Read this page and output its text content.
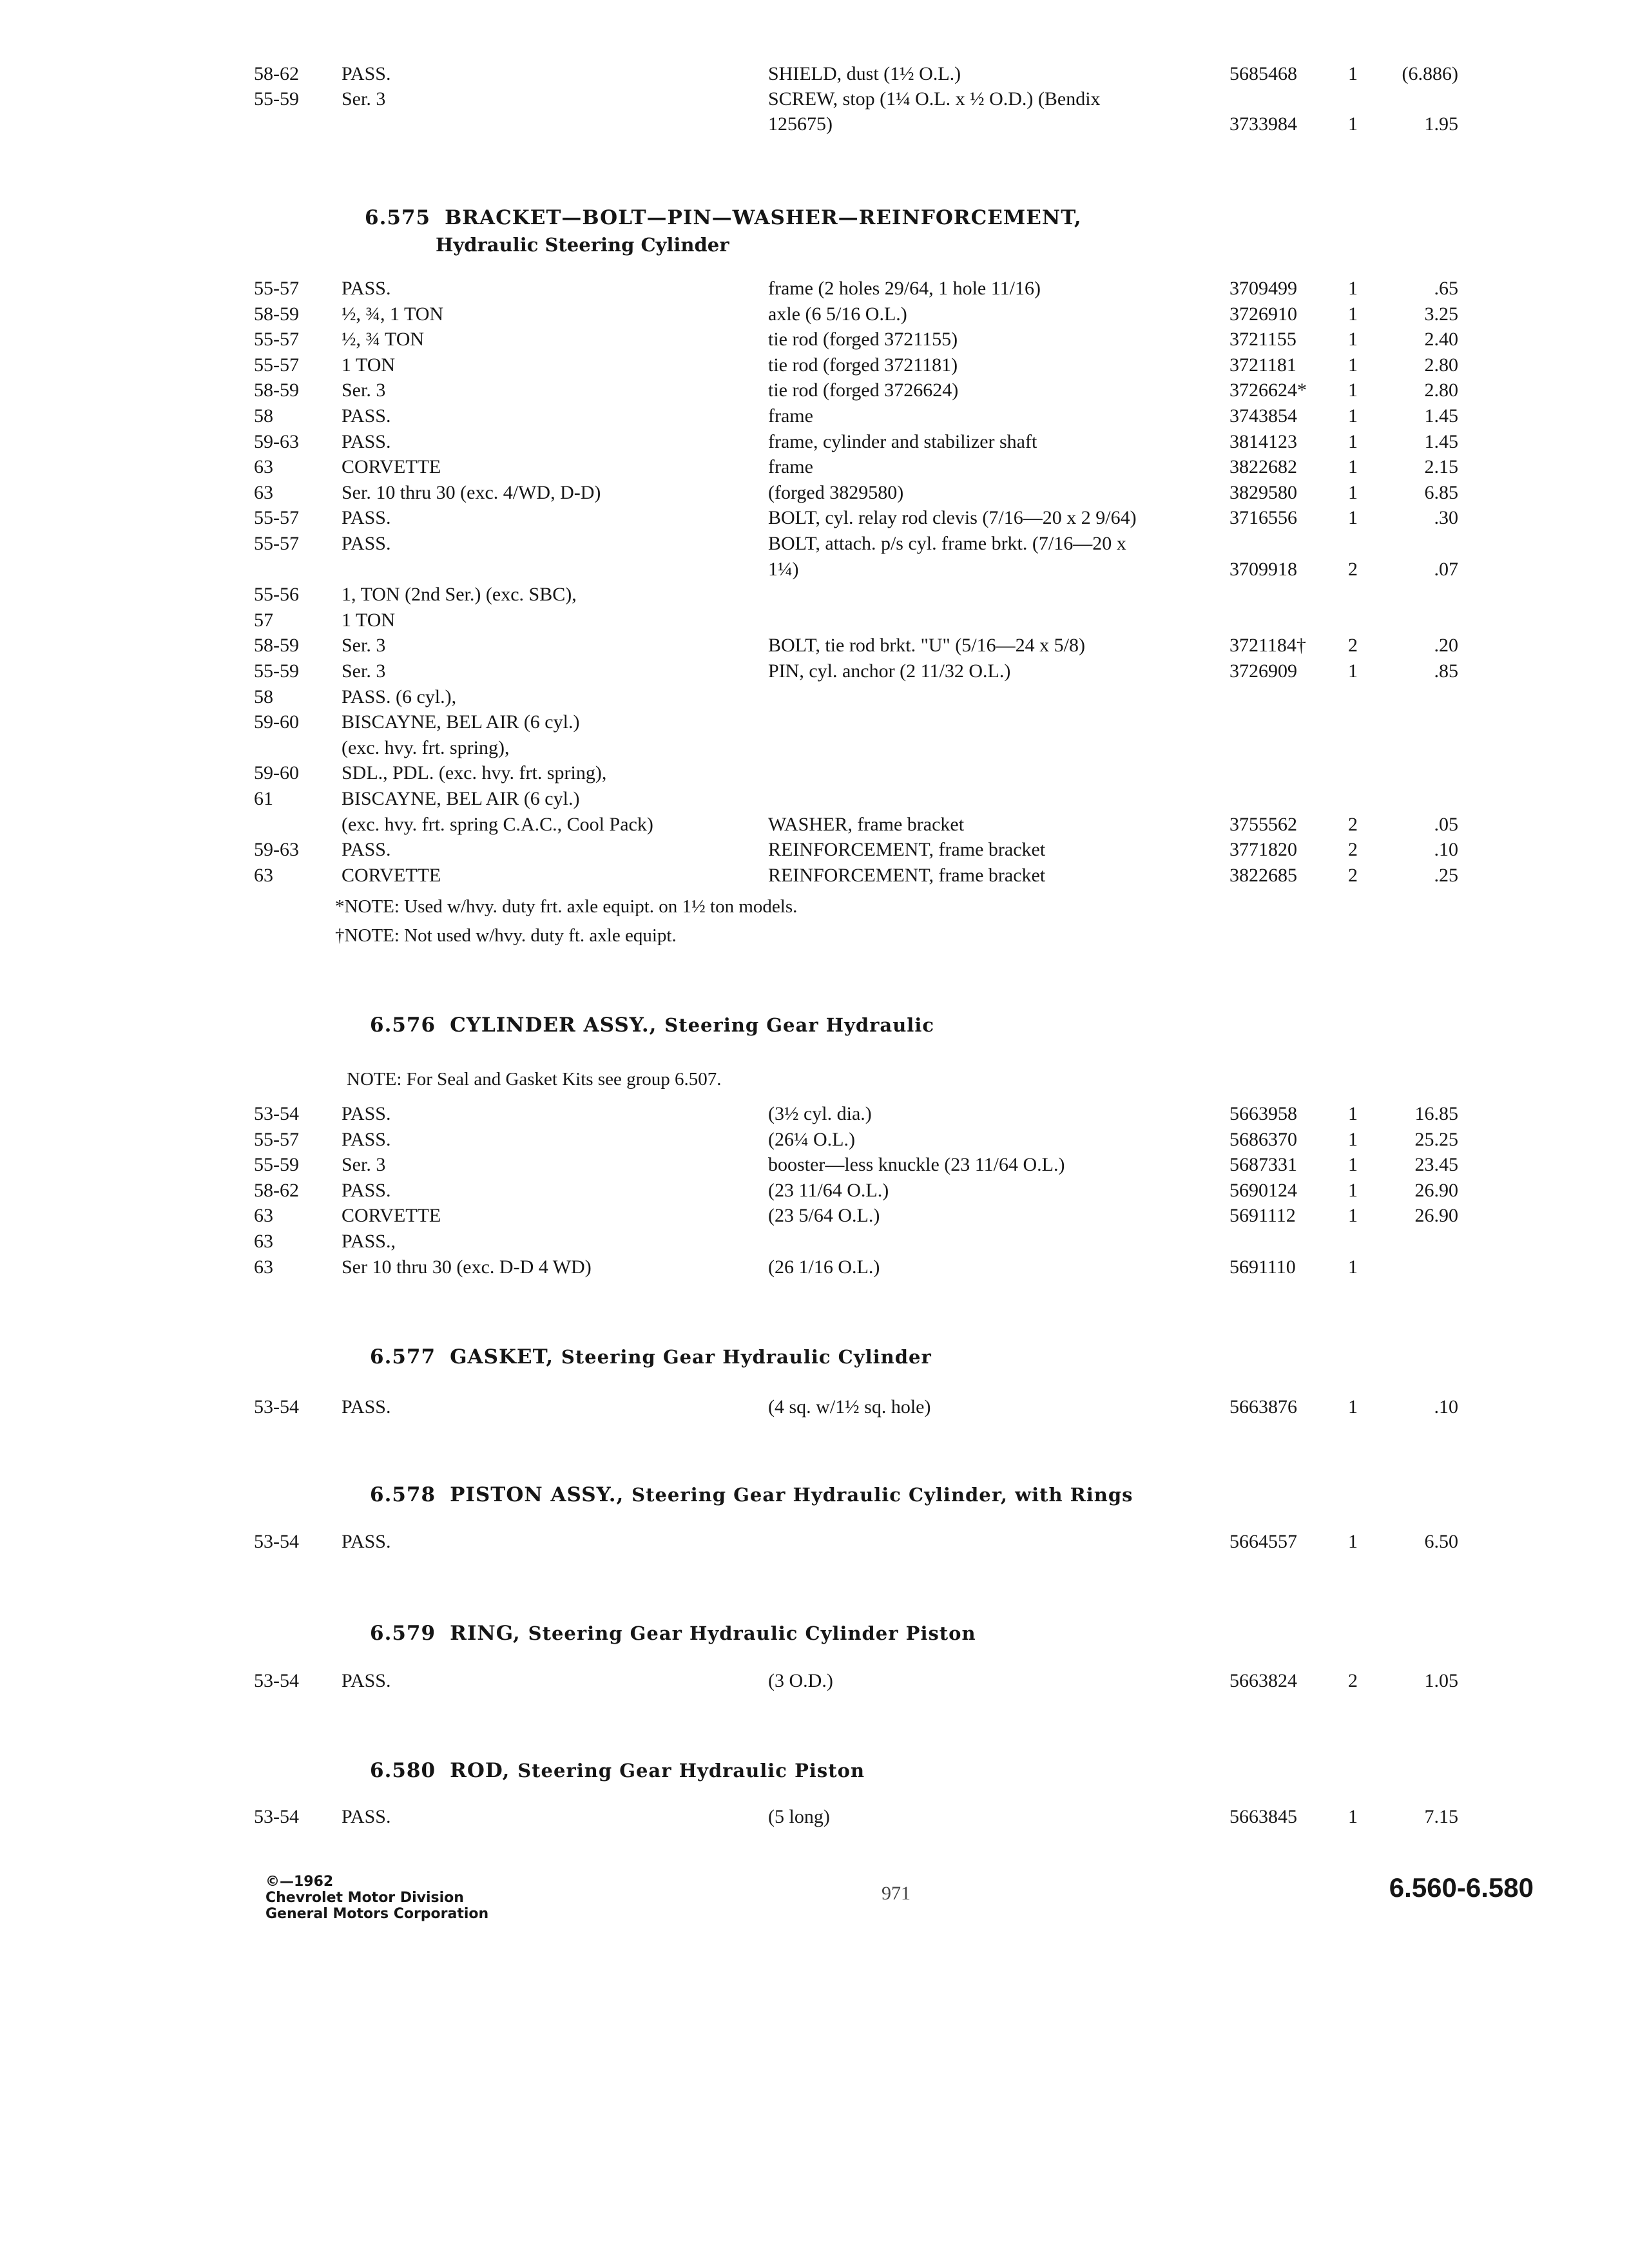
58-62 PASS.	SHIELD, dust (1½ O.L.)	5685468	1 (6.886)
55-59 Ser. 3	SCREW, stop (1¼ O.L. x ½ O.D.) (Bendix
125675)	3733984	1	1.95
6.575 BRACKET—BOLT—PIN—WASHER—REINFORCEMENT,
Hydraulic Steering Cylinder
55-57 PASS.	frame (2 holes 29/64, 1 hole 11/16)	3709499	1	.65
58-59 ½, ¾, 1 TON	axle (6 5/16 O.L.)	3726910	1	3.25
55-57 ½, ¾ TON	tie rod (forged 3721155)	3721155	1	2.40
55-57 1 TON	tie rod (forged 3721181)	3721181	1	2.80
58-59 Ser. 3	tie rod (forged 3726624)	3726624* 1	2.80
58	PASS.	frame	3743854	1	1.45
59-63 PASS.	frame, cylinder and stabilizer shaft	3814123	1	1.45
63	CORVETTE	frame	3822682	1	2.15
63	Ser. 10 thru 30 (exc. 4/WD, D-D)	(forged 3829580)	3829580	1	6.85
55-57 PASS.	BOLT, cyl. relay rod clevis (7/16—20 x 2 9/64)	3716556	1	.30
55-57 PASS.	BOLT, attach. p/s cyl. frame brkt. (7/16—20 x
1¼)	3709918	2	.07
55-56 1, TON (2nd Ser.) (exc. SBC),
57	1 TON
58-59 Ser. 3	BOLT, tie rod brkt. "U" (5/16—24 x 5/8)	3721184† 2	.20
55-59 Ser. 3	PIN, cyl. anchor (2 11/32 O.L.)	3726909	1	.85
58	PASS. (6 cyl.),
59-60 BISCAYNE, BEL AIR (6 cyl.)
(exc. hvy. frt. spring),
59-60 SDL., PDL. (exc. hvy. frt. spring),
61	BISCAYNE, BEL AIR (6 cyl.)
(exc. hvy. frt. spring C.A.C., Cool Pack)	WASHER, frame bracket	3755562	2	.05
59-63 PASS.	REINFORCEMENT, frame bracket	3771820	2	.10
63	CORVETTE	REINFORCEMENT, frame bracket	3822685	2	.25
*NOTE: Used w/hvy. duty frt. axle equipt. on 1½ ton models.
†NOTE: Not used w/hvy. duty ft. axle equipt.
6.576 CYLINDER ASSY., Steering Gear Hydraulic
NOTE: For Seal and Gasket Kits see group 6.507.
53-54 PASS.	(3½ cyl. dia.)	5663958	1	16.85
55-57 PASS.	(26¼ O.L.)	5686370	1	25.25
55-59 Ser. 3	booster—less knuckle (23 11/64 O.L.)	5687331	1	23.45
58-62 PASS.	(23 11/64 O.L.)	5690124	1	26.90
63	CORVETTE	(23 5/64 O.L.)	5691112	1	26.90
63	PASS.,
63	Ser 10 thru 30 (exc. D-D 4 WD)	(26 1/16 O.L.)	5691110	1
6.577 GASKET, Steering Gear Hydraulic Cylinder
53-54 PASS.	(4 sq. w/1½ sq. hole)	5663876	1	.10
6.578 PISTON ASSY., Steering Gear Hydraulic Cylinder, with Rings
53-54 PASS.	5664557	1	6.50
6.579 RING, Steering Gear Hydraulic Cylinder Piston
53-54 PASS.	(3 O.D.)	5663824	2	1.05
6.580 ROD, Steering Gear Hydraulic Piston
53-54 PASS.	(5 long)	5663845	1	7.15
©—1962
Chevrolet Motor Division
General Motors Corporation
971	6.560-6.580
